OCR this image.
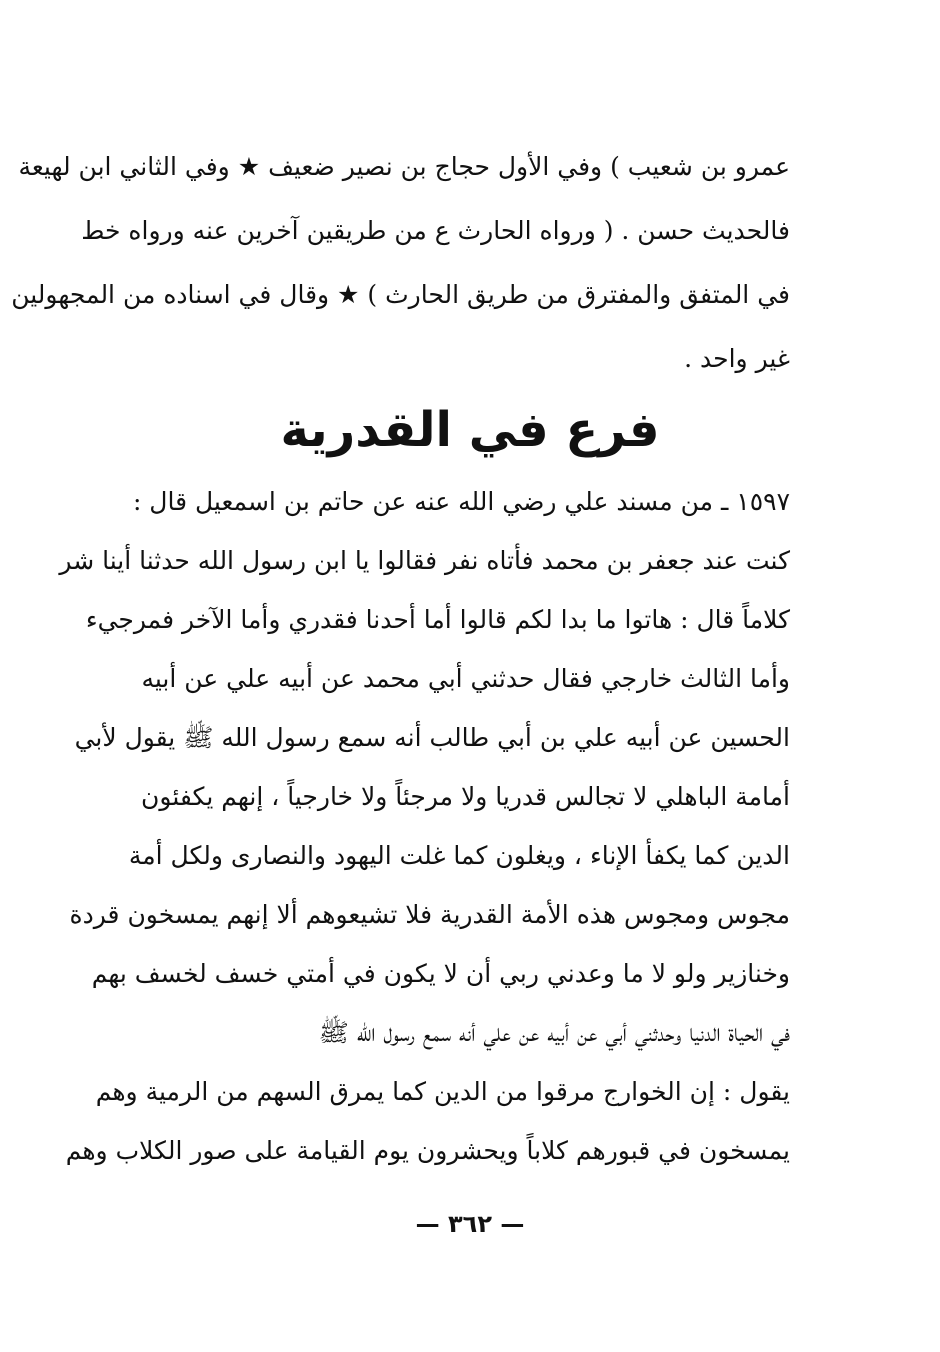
عمرو بن شعيب ) وفي الأول حجاج بن نصير ضعيف ★ وفي الثاني ابن لهيعة
فالحديث حسن . ( ورواه الحارث ع من طريقين آخرين عنه ورواه خط
في المتفق والمفترق من طريق الحارث ) ★ وقال في اسناده من المجهولين
غير واحد .
فرع في القدرية
١٥٩٧ ـ من مسند علي رضي الله عنه عن حاتم بن اسمعيل قال :
كنت عند جعفر بن محمد فأتاه نفر فقالوا يا ابن رسول الله حدثنا أينا شر
كلاماً قال : هاتوا ما بدا لكم قالوا أما أحدنا فقدري وأما الآخر فمرجيء
وأما الثالث خارجي فقال حدثني أبي محمد عن أبيه علي عن أبيه
الحسين عن أبيه علي بن أبي طالب أنه سمع رسول الله ﷺ يقول لأبي
أمامة الباهلي لا تجالس قدريا ولا مرجئاً ولا خارجياً ، إنهم يكفئون
الدين كما يكفأ الإناء ، ويغلون كما غلت اليهود والنصارى ولكل أمة
مجوس ومجوس هذه الأمة القدرية فلا تشيعوهم ألا إنهم يمسخون قردة
وخنازير ولو لا ما وعدني ربي أن لا يكون في أمتي خسف لخسف بهم
في الحياة الدنيا وحدثني أبي عن أبيه عن علي أنه سمع رسول الله ﷺ
يقول : إن الخوارج مرقوا من الدين كما يمرق السهم من الرمية وهم
يمسخون في قبورهم كلاباً ويحشرون يوم القيامة على صور الكلاب وهم
— ٣٦٢ —
